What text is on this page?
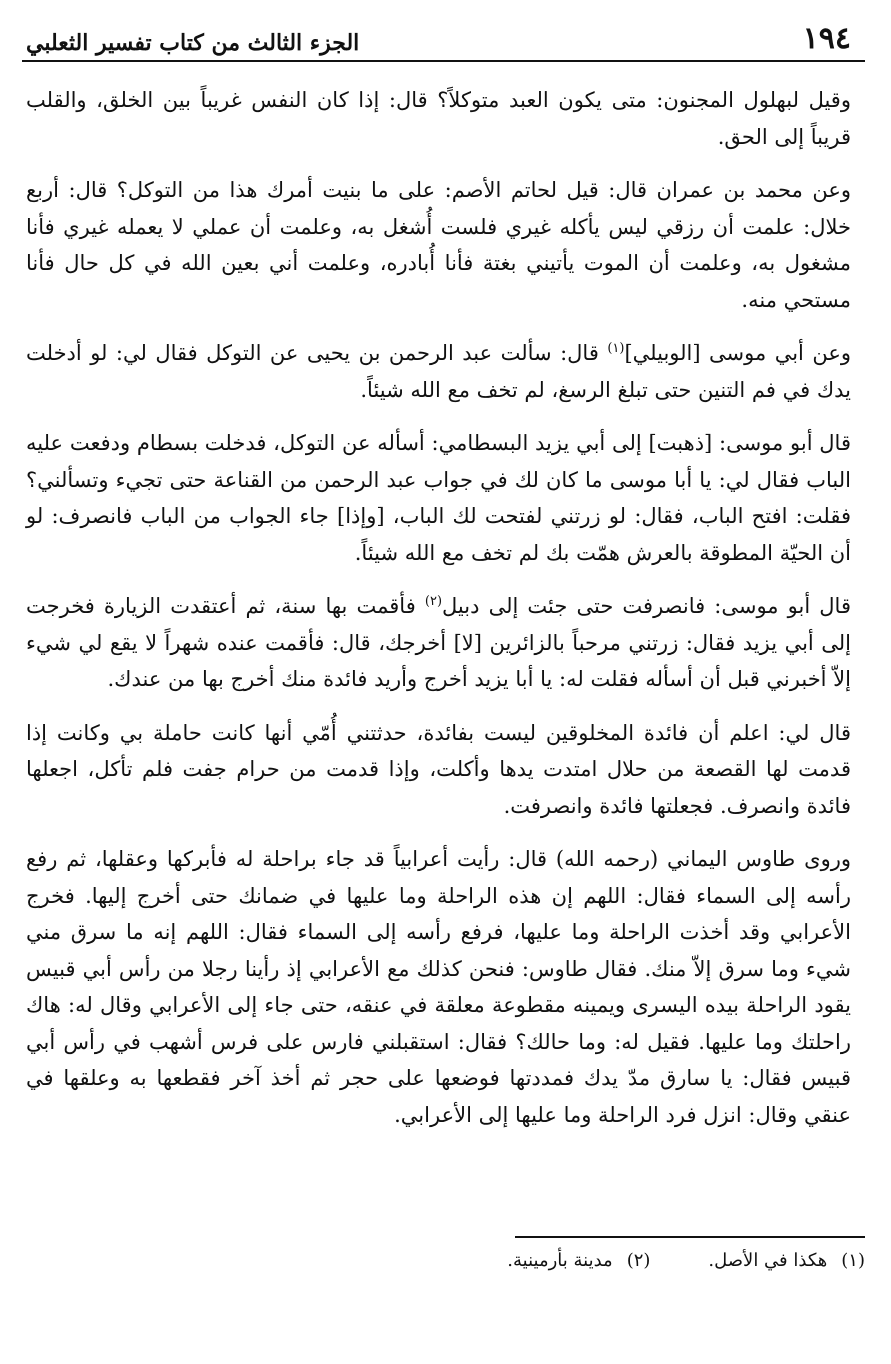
١٩٤
الجزء الثالث من كتاب تفسير الثعلبي

وقيل لبهلول المجنون: متى يكون العبد متوكلاً؟ قال: إذا كان النفس غريباً بين الخلق، والقلب قريباً إلى الحق.

وعن محمد بن عمران قال: قيل لحاتم الأصم: على ما بنيت أمرك هذا من التوكل؟ قال: أربع خلال: علمت أن رزقي ليس يأكله غيري فلست أُشغل به، وعلمت أن عملي لا يعمله غيري فأنا مشغول به، وعلمت أن الموت يأتيني بغتة فأنا أُبادره، وعلمت أني بعين الله في كل حال فأنا مستحي منه.

وعن أبي موسى [الوبيلي]$^{(١)}$ قال: سألت عبد الرحمن بن يحيى عن التوكل فقال لي: لو أدخلت يدك في فم التنين حتى تبلغ الرسغ، لم تخف مع الله شيئاً.

قال أبو موسى: [ذهبت] إلى أبي يزيد البسطامي: أسأله عن التوكل، فدخلت بسطام ودفعت عليه الباب فقال لي: يا أبا موسى ما كان لك في جواب عبد الرحمن من القناعة حتى تجيء وتسألني؟ فقلت: افتح الباب، فقال: لو زرتني لفتحت لك الباب، [وإذا] جاء الجواب من الباب فانصرف: لو أن الحيّة المطوقة بالعرش همّت بك لم تخف مع الله شيئاً.

قال أبو موسى: فانصرفت حتى جئت إلى دبيل$^{(٢)}$ فأقمت بها سنة، ثم أعتقدت الزيارة فخرجت إلى أبي يزيد فقال: زرتني مرحباً بالزائرين [لا] أخرجك، قال: فأقمت عنده شهراً لا يقع لي شيء إلاّ أخبرني قبل أن أسأله فقلت له: يا أبا يزيد أخرج وأريد فائدة منك أخرج بها من عندك.

قال لي: اعلم أن فائدة المخلوقين ليست بفائدة، حدثتني أُمّي أنها كانت حاملة بي وكانت إذا قدمت لها القصعة من حلال امتدت يدها وأكلت، وإذا قدمت من حرام جفت فلم تأكل، اجعلها فائدة وانصرف. فجعلتها فائدة وانصرفت.

وروى طاوس اليماني (رحمه الله) قال: رأيت أعرابياً قد جاء براحلة له فأبركها وعقلها، ثم رفع رأسه إلى السماء فقال: اللهم إن هذه الراحلة وما عليها في ضمانك حتى أخرج إليها. فخرج الأعرابي وقد أخذت الراحلة وما عليها، فرفع رأسه إلى السماء فقال: اللهم إنه ما سرق مني شيء وما سرق إلاّ منك. فقال طاوس: فنحن كذلك مع الأعرابي إذ رأينا رجلا من رأس أبي قبيس يقود الراحلة بيده اليسرى ويمينه مقطوعة معلقة في عنقه، حتى جاء إلى الأعرابي وقال له: هاك راحلتك وما عليها. فقيل له: وما حالك؟ فقال: استقبلني فارس على فرس أشهب في رأس أبي قبيس فقال: يا سارق مدّ يدك فمددتها فوضعها على حجر ثم أخذ آخر فقطعها به وعلقها في عنقي وقال: انزل فرد الراحلة وما عليها إلى الأعرابي.

(١)هكذا في الأصل.
(٢)مدينة بأرمينية.
